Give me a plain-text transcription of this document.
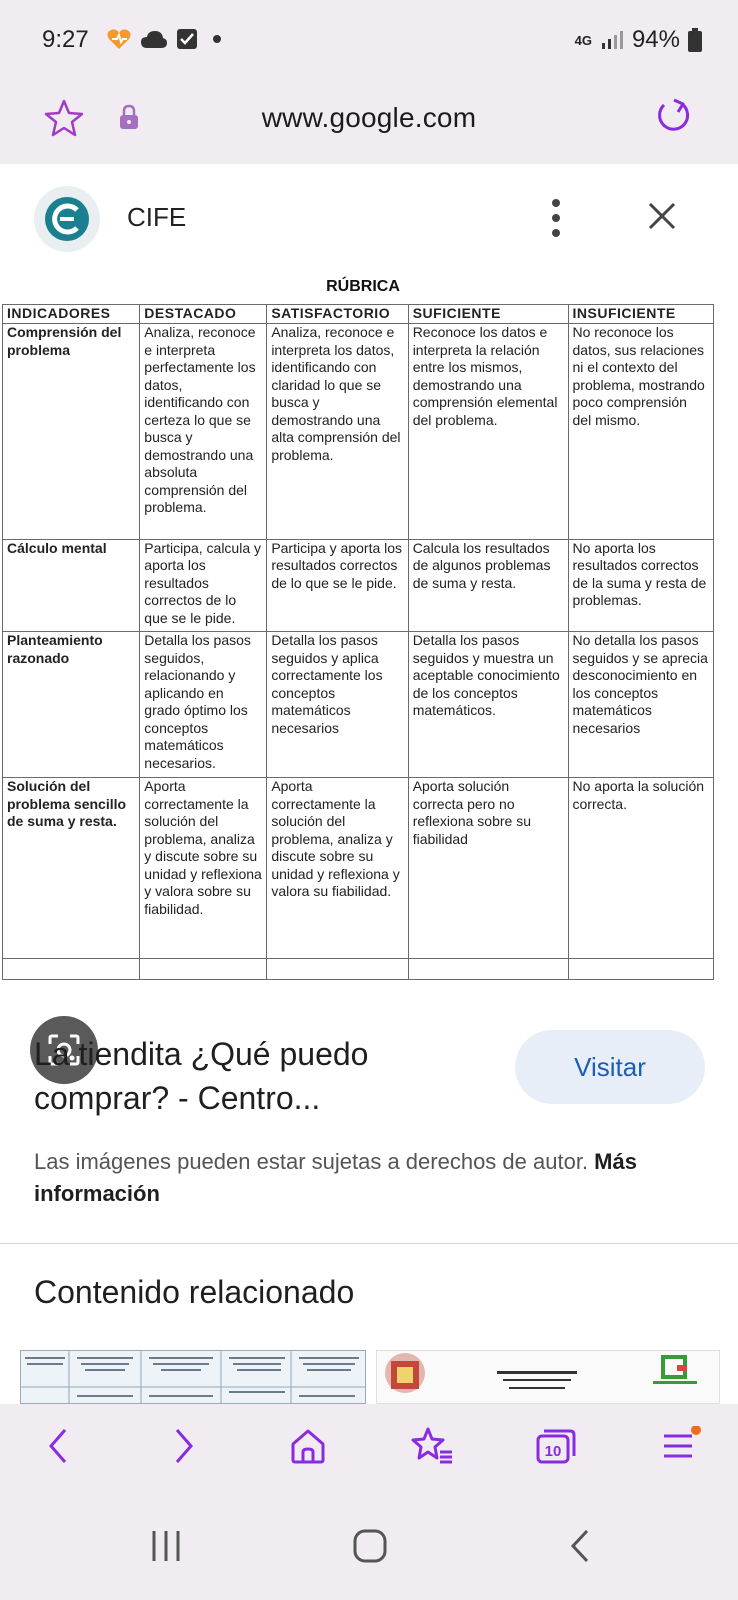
9:27	4G 94%
www.google.com
CIFE
RÚBRICA
INDICADORES	DESTACADO	SATISFACTORIO	SUFICIENTE	INSUFICIENTE
Comprensión del problema	Analiza, reconoce e interpreta perfectamente los datos, identificando con certeza lo que se busca y demostrando una absoluta comprensión del problema.	Analiza, reconoce e interpreta los datos, identificando con claridad lo que se busca y demostrando una alta comprensión del problema.	Reconoce los datos e interpreta la relación entre los mismos, demostrando una comprensión elemental del problema.	No reconoce los datos, sus relaciones ni el contexto del problema, mostrando poco comprensión del mismo.
Cálculo mental	Participa, calcula y aporta los resultados correctos de lo que se le pide.	Participa y aporta los resultados correctos de lo que se le pide.	Calcula los resultados de algunos problemas de suma y resta.	No aporta los resultados correctos de la suma y resta de problemas.
Planteamiento razonado	Detalla los pasos seguidos, relacionando y aplicando en grado óptimo los conceptos matemáticos necesarios.	Detalla los pasos seguidos y aplica correctamente los conceptos matemáticos necesarios	Detalla los pasos seguidos y muestra un aceptable conocimiento de los conceptos matemáticos.	No detalla los pasos seguidos y se aprecia desconocimiento en los conceptos matemáticos necesarios
Solución del problema sencillo de suma y resta.	Aporta correctamente la solución del problema, analiza y discute sobre su unidad y reflexiona y valora sobre su fiabilidad.	Aporta correctamente la solución del problema, analiza y discute sobre su unidad y reflexiona y valora su fiabilidad.	Aporta solución correcta pero no reflexiona sobre su fiabilidad	No aporta la solución correcta.

La tiendita ¿Qué puedo comprar? - Centro...
Visitar
Las imágenes pueden estar sujetas a derechos de autor. Más información
Contenido relacionado
10
